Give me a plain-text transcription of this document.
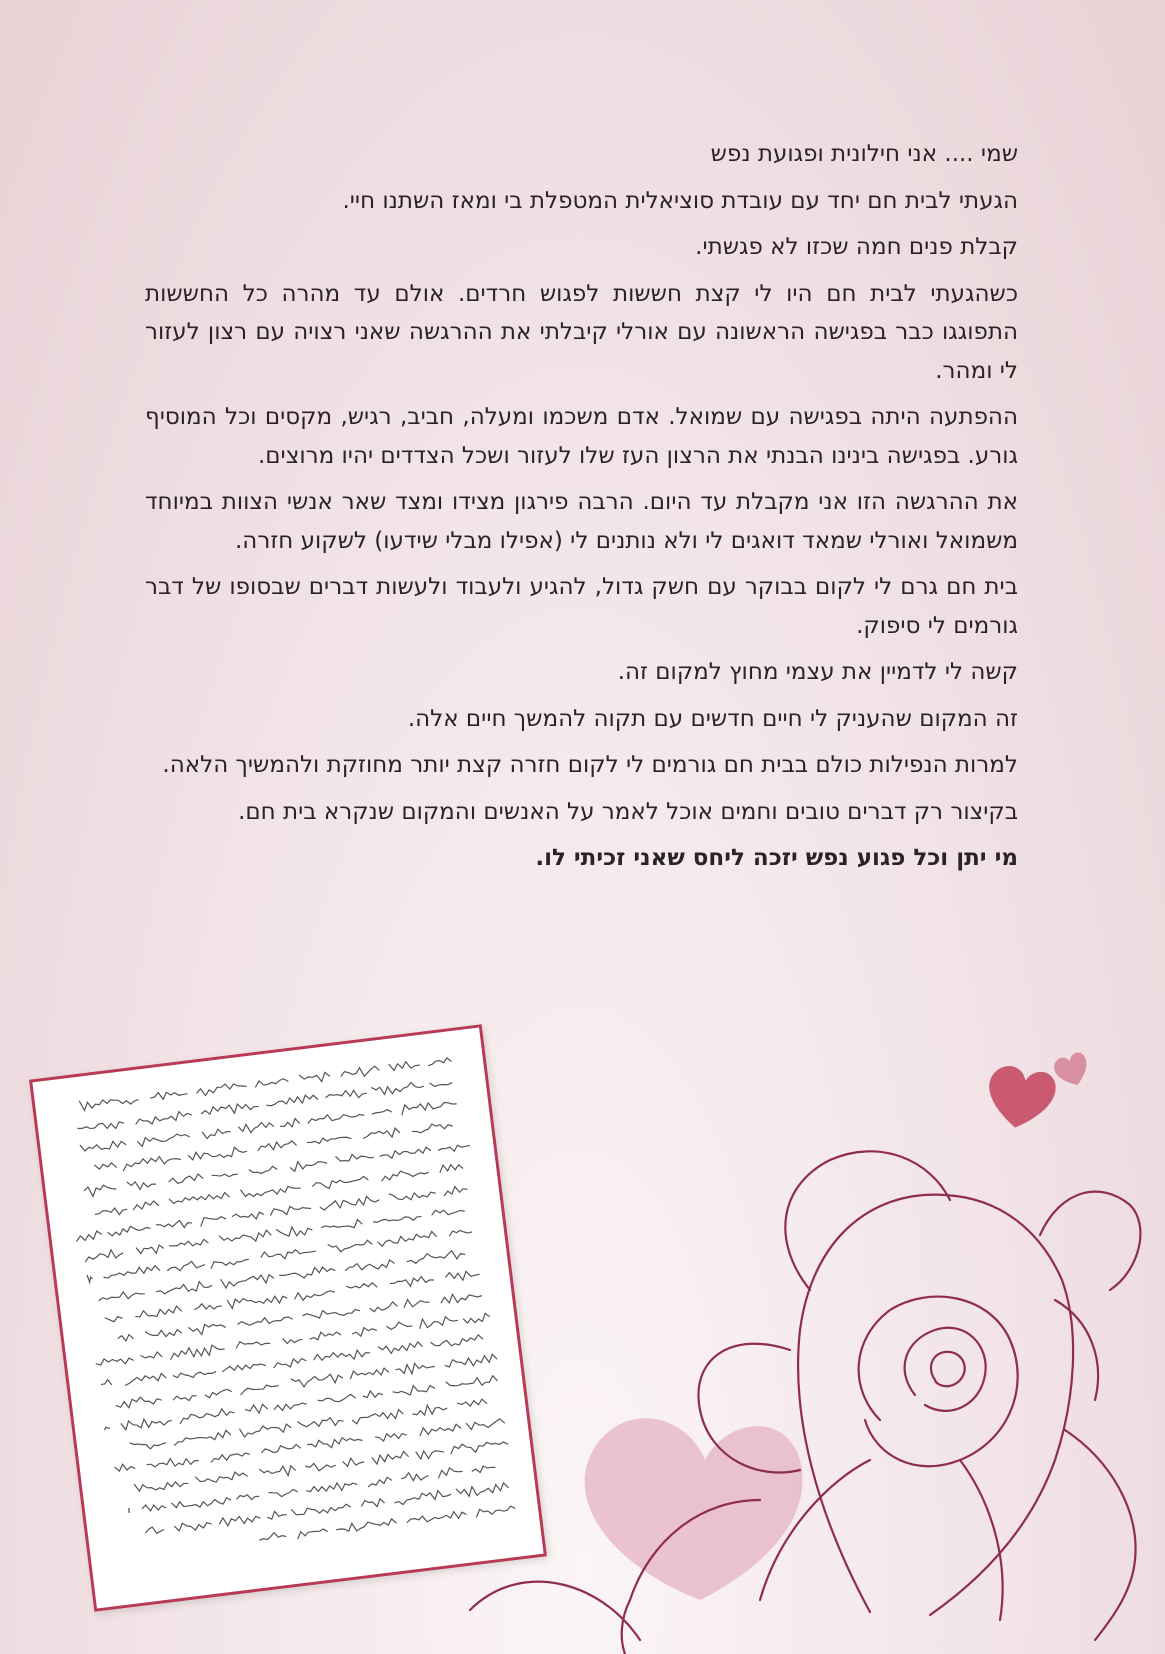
שמי .... אני חילונית ופגועת נפש

הגעתי לבית חם יחד עם עובדת סוציאלית המטפלת בי ומאז השתנו חיי.

קבלת פנים חמה שכזו לא פגשתי.

כשהגעתי לבית חם היו לי קצת חששות לפגוש חרדים. אולם עד מהרה כל החששות התפוגגו כבר בפגישה הראשונה עם אורלי קיבלתי את ההרגשה שאני רצויה עם רצון לעזור לי ומהר.

ההפתעה היתה בפגישה עם שמואל. אדם משכמו ומעלה, חביב, רגיש, מקסים וכל המוסיף גורע. בפגישה בינינו הבנתי את הרצון העז שלו לעזור ושכל הצדדים יהיו מרוצים.

את ההרגשה הזו אני מקבלת עד היום. הרבה פירגון מצידו ומצד שאר אנשי הצוות במיוחד משמואל ואורלי שמאד דואגים לי ולא נותנים לי (אפילו מבלי שידעו) לשקוע חזרה.

בית חם גרם לי לקום בבוקר עם חשק גדול, להגיע ולעבוד ולעשות דברים שבסופו של דבר גורמים לי סיפוק.

קשה לי לדמיין את עצמי מחוץ למקום זה.

זה המקום שהעניק לי חיים חדשים עם תקוה להמשך חיים אלה.

למרות הנפילות כולם בבית חם גורמים לי לקום חזרה קצת יותר מחוזקת ולהמשיך הלאה.

בקיצור רק דברים טובים וחמים אוכל לאמר על האנשים והמקום שנקרא בית חם.

מי יתן וכל פגוע נפש יזכה ליחס שאני זכיתי לו.
